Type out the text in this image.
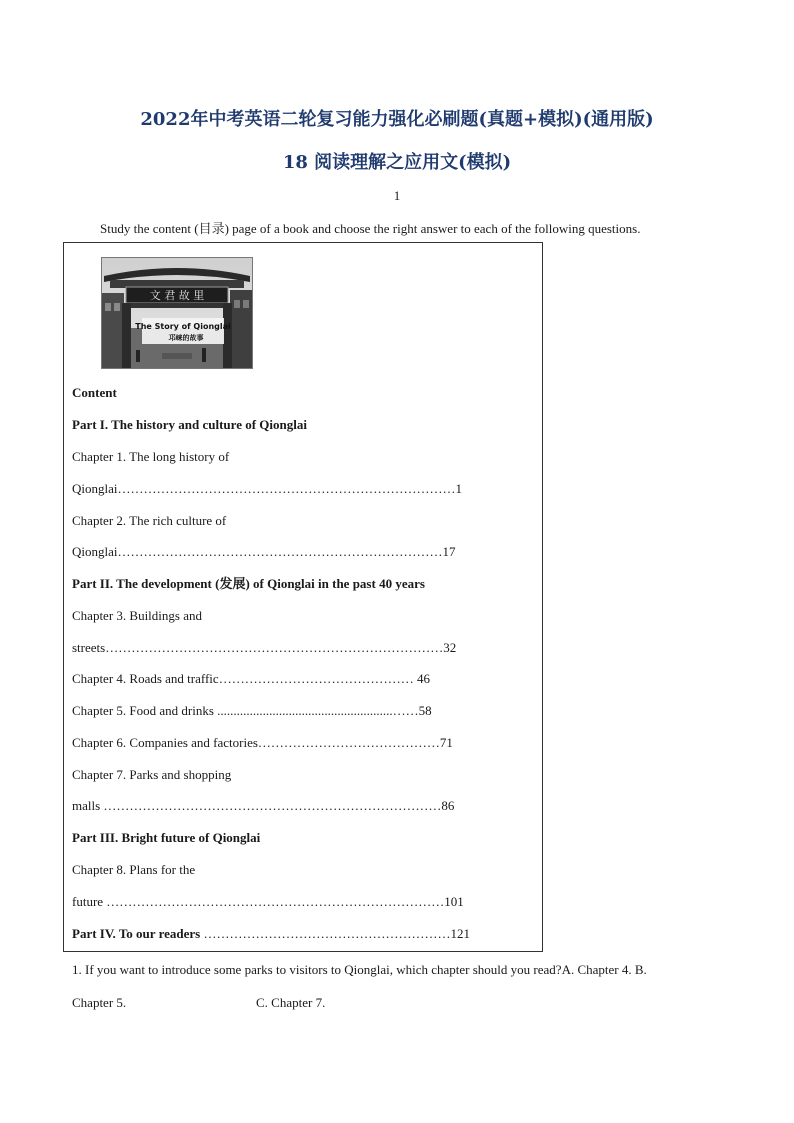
2022年中考英语二轮复习能力强化必刷题(真题+模拟)(通用版)
18 阅读理解之应用文(模拟)
1
Study the content (目录) page of a book and choose the right answer to each of the following questions.
文 君 故 里
The Story of Qionglai
邛崃的故事
Content
Part I. The history and culture of Qionglai
Chapter 1. The long history of
Qionglai……………………………………………………………………1
Chapter 2. The rich culture of
Qionglai…………………………………………………………………17
Part II. The development (发展) of Qionglai in the past 40 years
Chapter 3. Buildings and
streets……………………………………………………………………32
Chapter 4. Roads and traffic……………………………………… 46
Chapter 5. Food and drinks ......................................................……58
Chapter 6. Companies and factories……………………………………71
Chapter 7. Parks and shopping
malls ……………………………………………………………………86
Part III. Bright future of Qionglai
Chapter 8. Plans for the
future ……………………………………………………………………101
Part IV. To our readers …………………………………………………121
1. If you want to introduce some parks to visitors to Qionglai, which chapter should you read?A. Chapter 4. B.
Chapter 5.	C. Chapter 7.
